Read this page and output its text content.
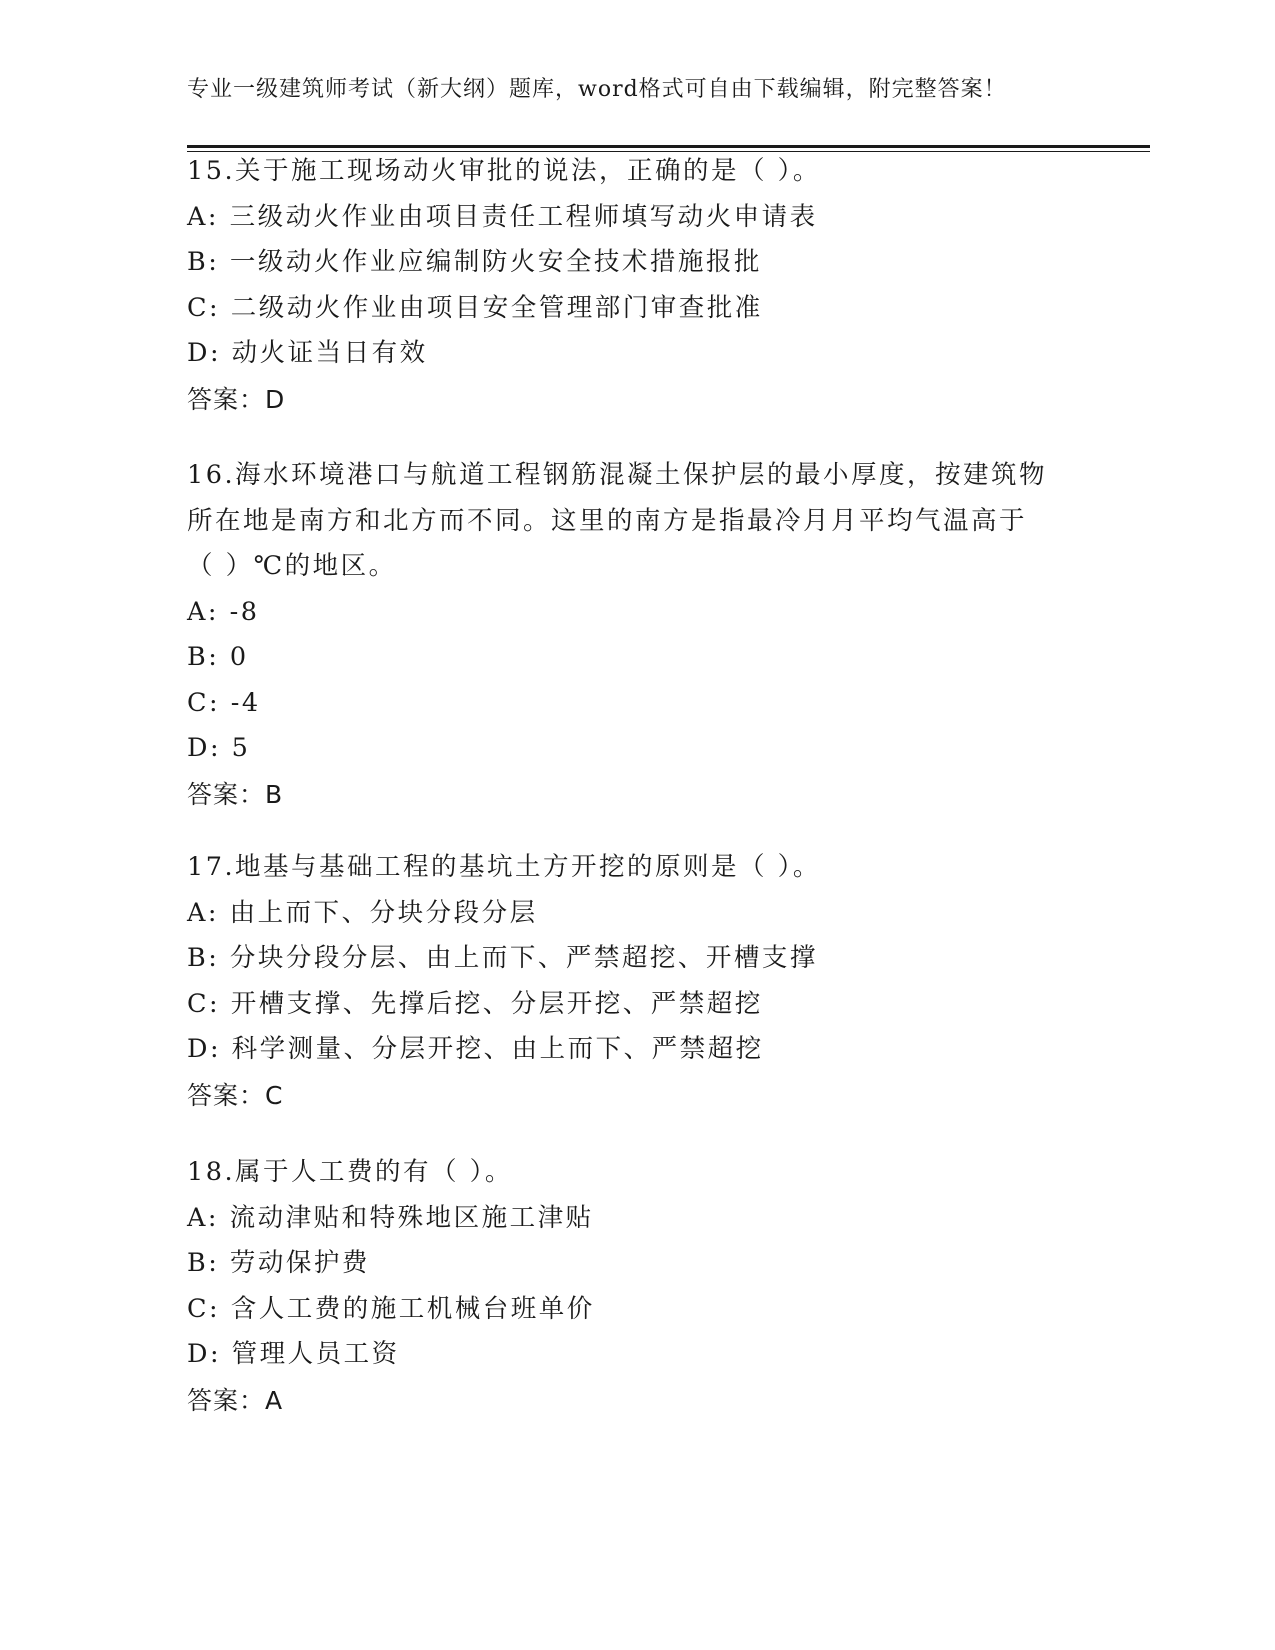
专业一级建筑师考试（新大纲）题库，word格式可自由下载编辑，附完整答案！
15.关于施工现场动火审批的说法，正确的是（ ）。
A: 三级动火作业由项目责任工程师填写动火申请表
B: 一级动火作业应编制防火安全技术措施报批
C: 二级动火作业由项目安全管理部门审查批准
D: 动火证当日有效
答案：D
16.海水环境港口与航道工程钢筋混凝土保护层的最小厚度，按建筑物
所在地是南方和北方而不同。这里的南方是指最冷月月平均气温高于
（ ）℃的地区。
A: -8
B: 0
C: -4
D: 5
答案：B
17.地基与基础工程的基坑土方开挖的原则是（ ）。
A: 由上而下、分块分段分层
B: 分块分段分层、由上而下、严禁超挖、开槽支撑
C: 开槽支撑、先撑后挖、分层开挖、严禁超挖
D: 科学测量、分层开挖、由上而下、严禁超挖
答案：C
18.属于人工费的有（ ）。
A: 流动津贴和特殊地区施工津贴
B: 劳动保护费
C: 含人工费的施工机械台班单价
D: 管理人员工资
答案：A
